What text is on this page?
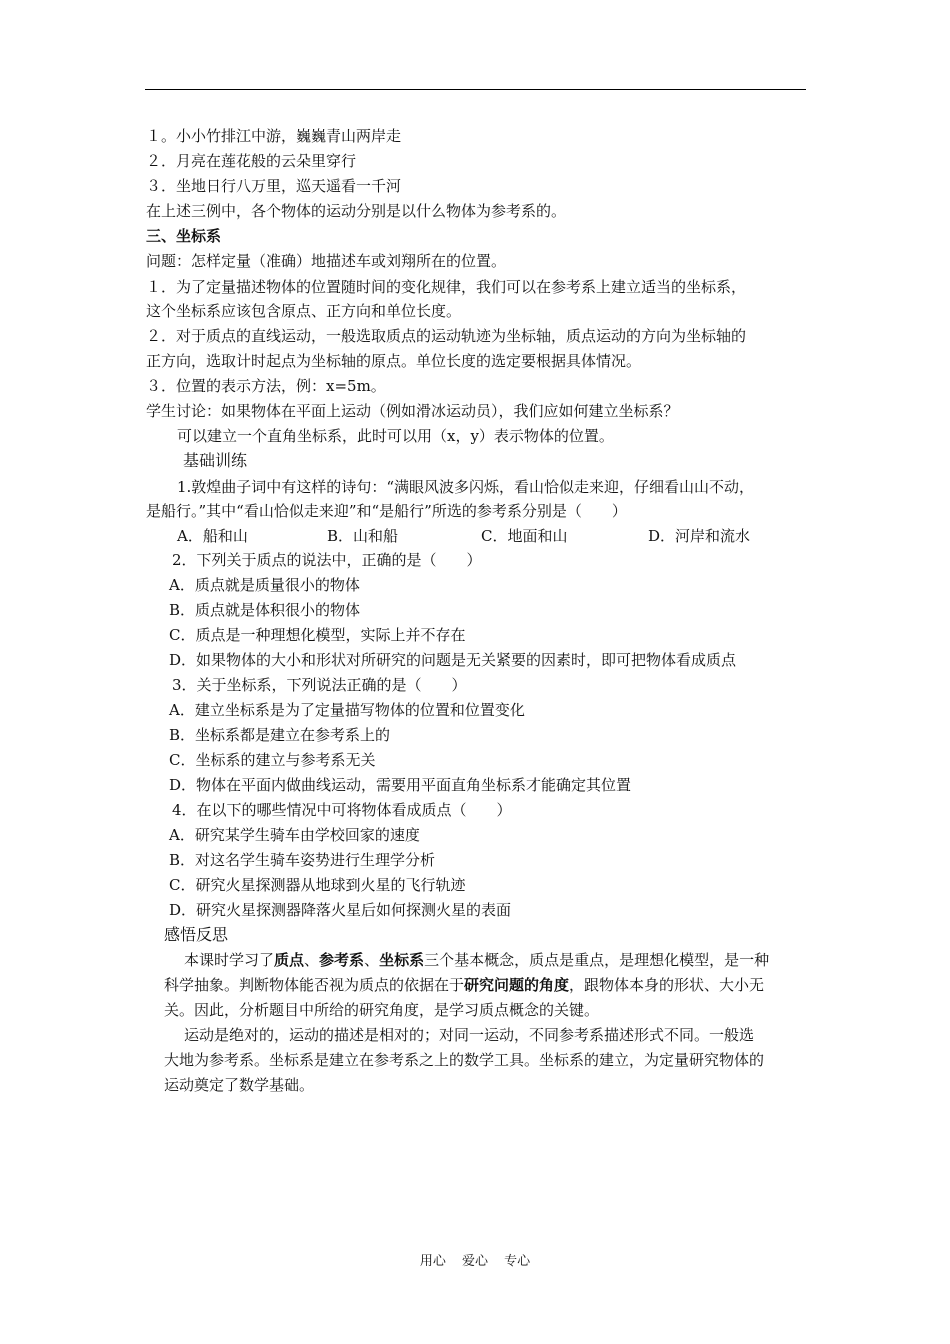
１。小小竹排江中游，巍巍青山两岸走
２．月亮在莲花般的云朵里穿行
３．坐地日行八万里，巡天遥看一千河
在上述三例中，各个物体的运动分别是以什么物体为参考系的。
三、坐标系
问题：怎样定量（准确）地描述车或刘翔所在的位置。
１．为了定量描述物体的位置随时间的变化规律，我们可以在参考系上建立适当的坐标系，
这个坐标系应该包含原点、正方向和单位长度。
２．对于质点的直线运动，一般选取质点的运动轨迹为坐标轴，质点运动的方向为坐标轴的
正方向，选取计时起点为坐标轴的原点。单位长度的选定要根据具体情况。
３．位置的表示方法，例：x=5m。
学生讨论：如果物体在平面上运动（例如滑冰运动员），我们应如何建立坐标系？
可以建立一个直角坐标系，此时可以用（x，y）表示物体的位置。
基础训练
1.敦煌曲子词中有这样的诗句：“满眼风波多闪烁，看山恰似走来迎，仔细看山山不动，
是船行。”其中“看山恰似走来迎”和“是船行”所选的参考系分别是（　　）
A．船和山	B．山和船	C．地面和山	D．河岸和流水
2．下列关于质点的说法中，正确的是（　　）
A．质点就是质量很小的物体
B．质点就是体积很小的物体
C．质点是一种理想化模型，实际上并不存在
D．如果物体的大小和形状对所研究的问题是无关紧要的因素时，即可把物体看成质点
3．关于坐标系，下列说法正确的是（　　）
A．建立坐标系是为了定量描写物体的位置和位置变化
B．坐标系都是建立在参考系上的
C．坐标系的建立与参考系无关
D．物体在平面内做曲线运动，需要用平面直角坐标系才能确定其位置
4．在以下的哪些情况中可将物体看成质点（　　）
A．研究某学生骑车由学校回家的速度
B．对这名学生骑车姿势进行生理学分析
C．研究火星探测器从地球到火星的飞行轨迹
D．研究火星探测器降落火星后如何探测火星的表面
感悟反思
本课时学习了质点、参考系、坐标系三个基本概念，质点是重点，是理想化模型，是一种
科学抽象。判断物体能否视为质点的依据在于研究问题的角度，跟物体本身的形状、大小无
关。因此，分析题目中所给的研究角度，是学习质点概念的关键。
运动是绝对的，运动的描述是相对的；对同一运动，不同参考系描述形式不同。一般选
大地为参考系。坐标系是建立在参考系之上的数学工具。坐标系的建立，为定量研究物体的
运动奠定了数学基础。
用心 爱心 专心
